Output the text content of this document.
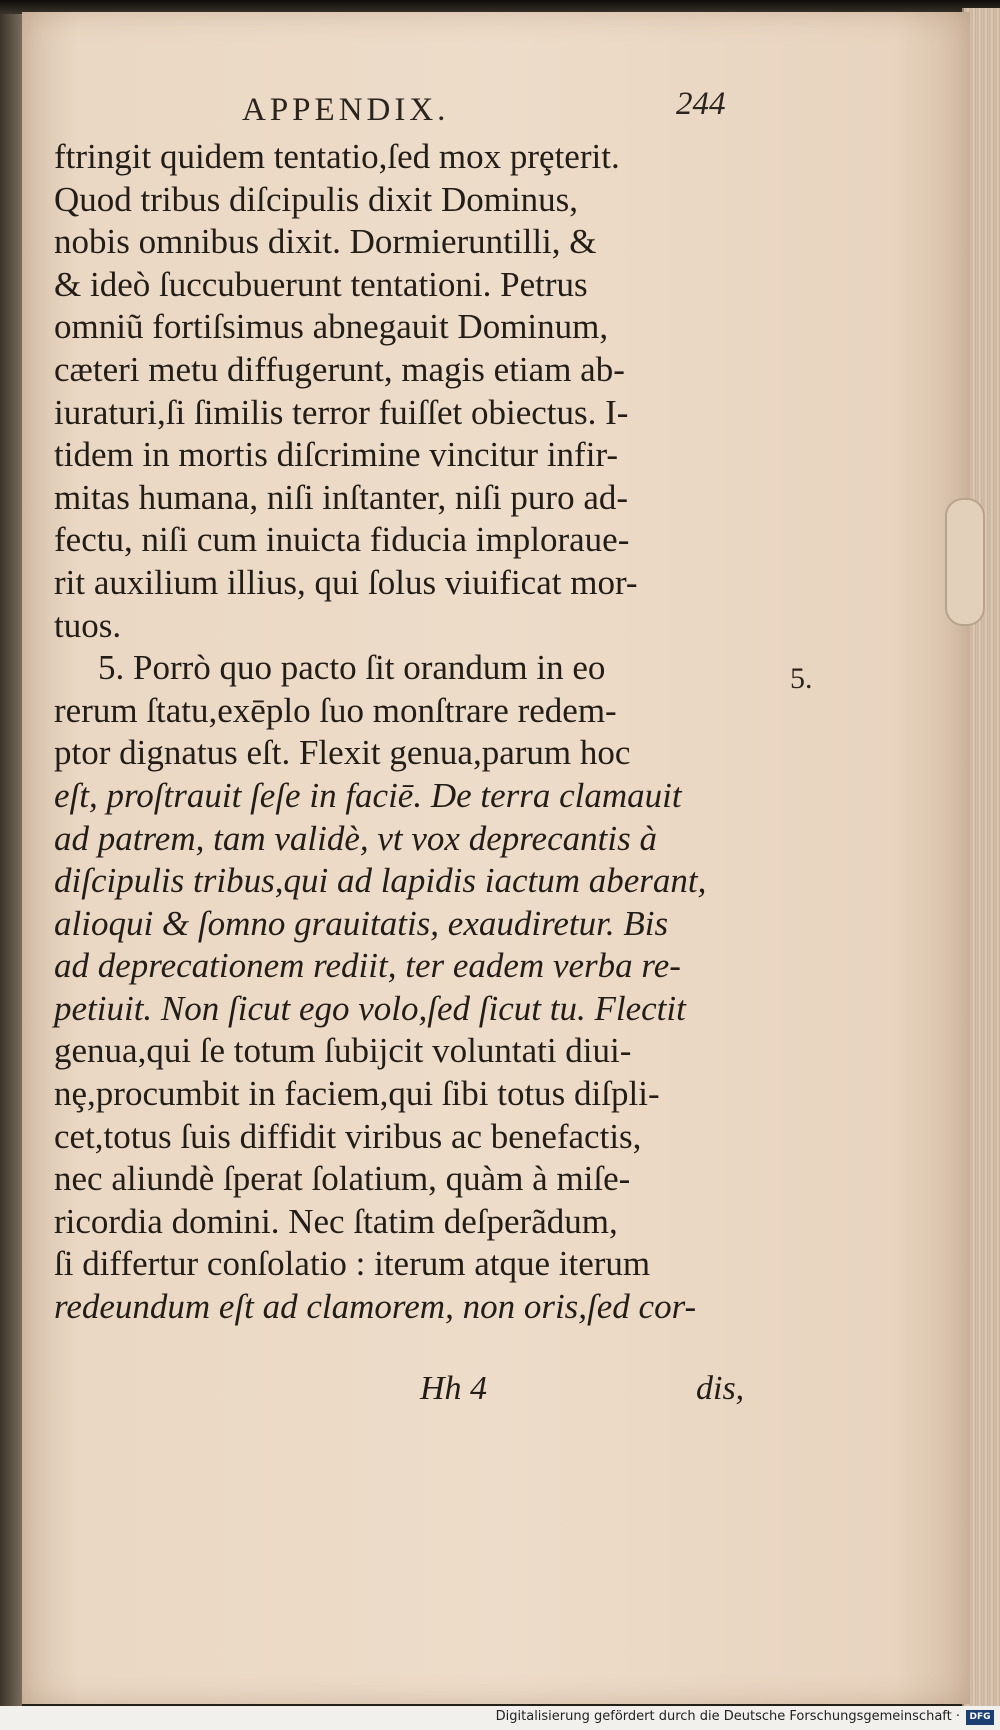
APPENDIX.	244
ftringit quidem tentatio,ſed mox prȩterit.
Quod tribus diſcipulis dixit Dominus,
nobis omnibus dixit. Dormieruntilli, &
& ideò ſuccubuerunt tentationi. Petrus
omniũ fortiſsimus abnegauit Dominum,
cæteri metu diffugerunt, magis etiam ab-
iuraturi,ſi ſimilis terror fuiſſet obiectus. I-
tidem in mortis diſcrimine vincitur infir-
mitas humana, niſi inſtanter, niſi puro ad-
fectu, niſi cum inuicta fiducia imploraue-
rit auxilium illius, qui ſolus viuificat mor-
tuos.
5. Porrò quo pacto ſit orandum in eo
rerum ſtatu,exēplo ſuo monſtrare redem-
ptor dignatus eſt. Flexit genua,parum hoc
eſt, proſtrauit ſeſe in faciē. De terra clamauit
ad patrem, tam validè, vt vox deprecantis à
diſcipulis tribus,qui ad lapidis iactum aberant,
alioqui & ſomno grauitatis, exaudiretur. Bis
ad deprecationem rediit, ter eadem verba re-
petiuit. Non ſicut ego volo,ſed ſicut tu. Flectit
genua,qui ſe totum ſubijcit voluntati diui-
nȩ,procumbit in faciem,qui ſibi totus diſpli-
cet,totus ſuis diffidit viribus ac benefactis,
nec aliundè ſperat ſolatium, quàm à miſe-
ricordia domini. Nec ſtatim deſperãdum,
ſi differtur conſolatio : iterum atque iterum
redeundum eſt ad clamorem, non oris,ſed cor-
5.
Hh 4	dis,
Digitalisierung gefördert durch die Deutsche Forschungsgemeinschaft ·	DFG
